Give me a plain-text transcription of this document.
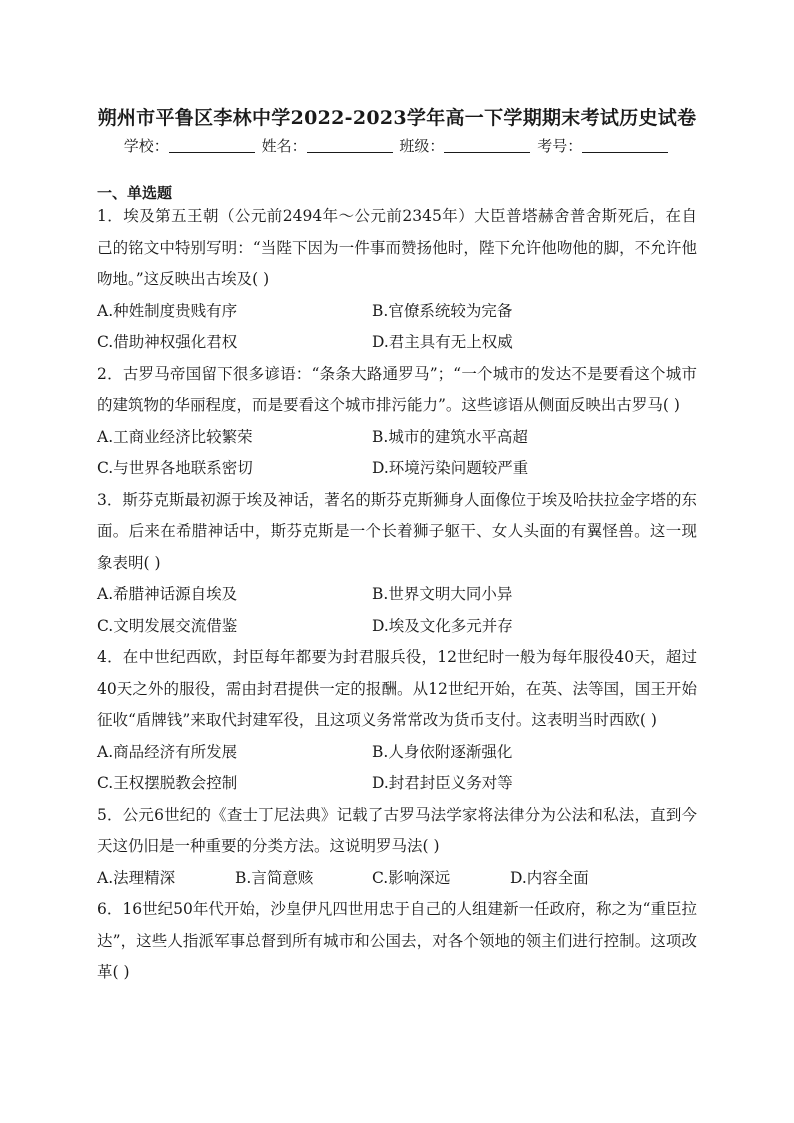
朔州市平鲁区李林中学2022-2023学年高一下学期期末考试历史试卷
学校：	姓名：	班级：	考号：
一、单选题

1．埃及第五王朝（公元前2494年～公元前2345年）大臣普塔赫舍普舍斯死后，在自己的铭文中特别写明：“当陛下因为一件事而赞扬他时，陛下允许他吻他的脚，不允许他吻地。”这反映出古埃及( )

A.种姓制度贵贱有序	B.官僚系统较为完备
C.借助神权强化君权	D.君主具有无上权威

2．古罗马帝国留下很多谚语：“条条大路通罗马”；“一个城市的发达不是要看这个城市的建筑物的华丽程度，而是要看这个城市排污能力”。这些谚语从侧面反映出古罗马( )

A.工商业经济比较繁荣	B.城市的建筑水平高超
C.与世界各地联系密切	D.环境污染问题较严重

3．斯芬克斯最初源于埃及神话，著名的斯芬克斯狮身人面像位于埃及哈扶拉金字塔的东面。后来在希腊神话中，斯芬克斯是一个长着狮子躯干、女人头面的有翼怪兽。这一现象表明( )

A.希腊神话源自埃及	B.世界文明大同小异
C.文明发展交流借鉴	D.埃及文化多元并存

4．在中世纪西欧，封臣每年都要为封君服兵役，12世纪时一般为每年服役40天，超过40天之外的服役，需由封君提供一定的报酬。从12世纪开始，在英、法等国，国王开始征收“盾牌钱”来取代封建军役，且这项义务常常改为货币支付。这表明当时西欧( )

A.商品经济有所发展	B.人身依附逐渐强化
C.王权摆脱教会控制	D.封君封臣义务对等

5．公元6世纪的《查士丁尼法典》记载了古罗马法学家将法律分为公法和私法，直到今天这仍旧是一种重要的分类方法。这说明罗马法( )

A.法理精深	B.言简意赅	C.影响深远	D.内容全面

6．16世纪50年代开始，沙皇伊凡四世用忠于自己的人组建新一任政府，称之为“重臣拉达”，这些人指派军事总督到所有城市和公国去，对各个领地的领主们进行控制。这项改革( )
